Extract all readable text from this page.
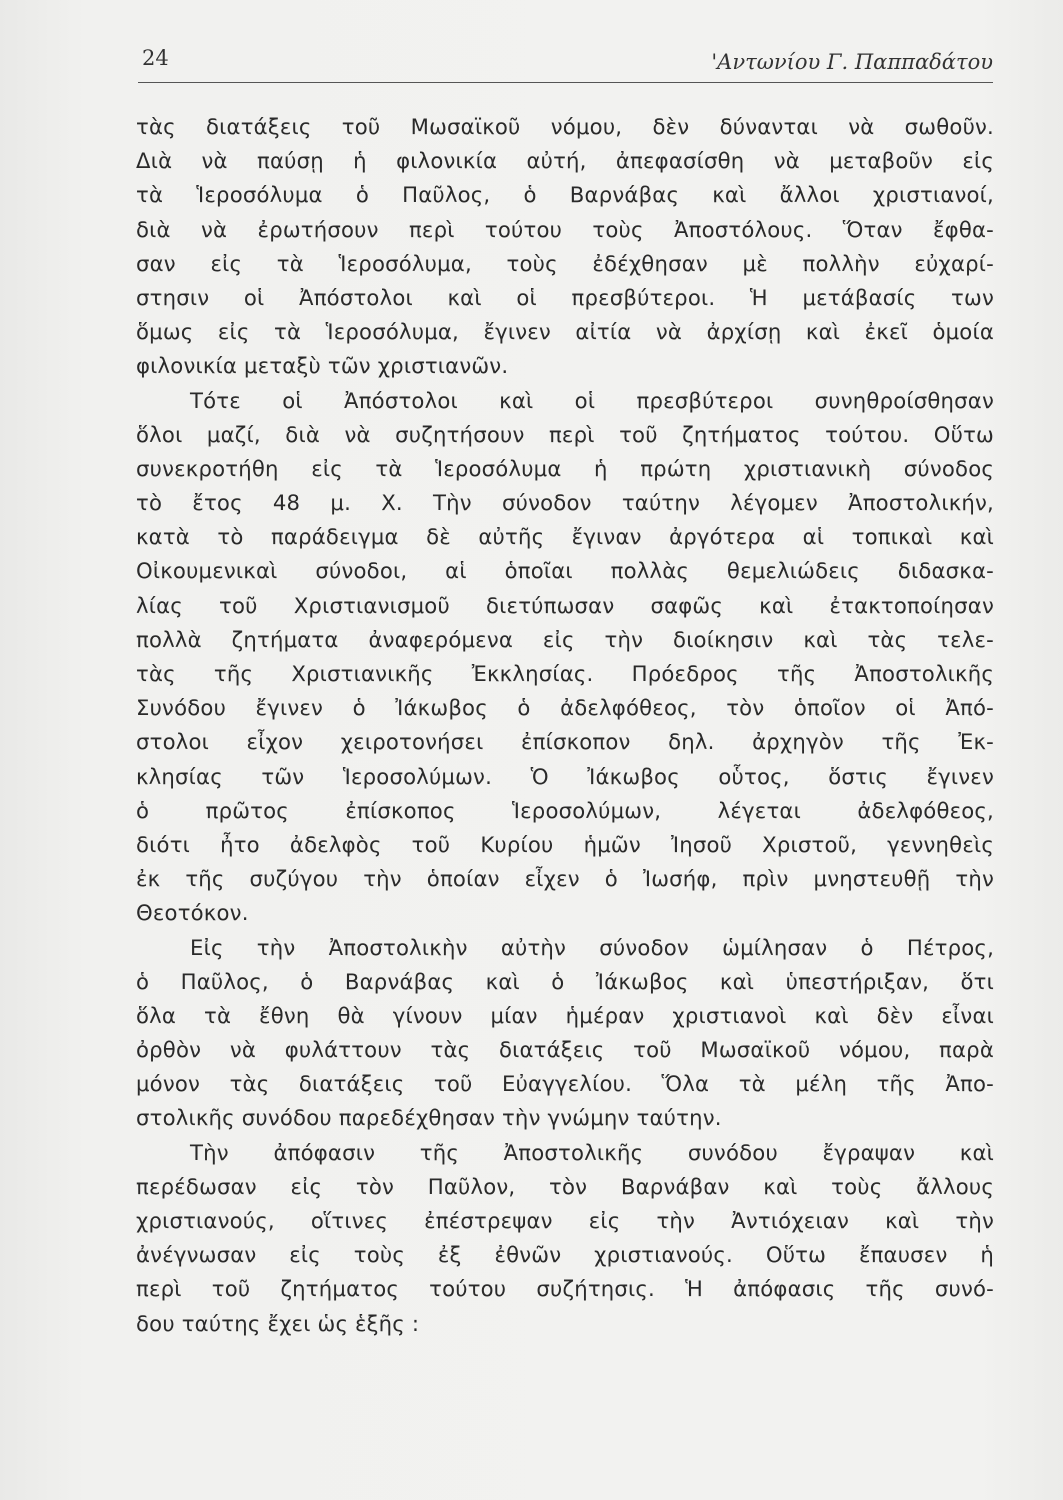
24	'Αντωνίου Γ. Παππαδάτου
τὰς διατάξεις τοῦ Μωσαϊκοῦ νόμου, δὲν δύνανται νὰ σωθοῦν.
Διὰ νὰ παύσῃ ἡ φιλονικία αὐτή, ἀπεφασίσθη νὰ μεταβοῦν εἰς
τὰ Ἱεροσόλυμα ὁ Παῦλος, ὁ Βαρνάβας καὶ ἄλλοι χριστιανοί,
διὰ νὰ ἐρωτήσουν περὶ τούτου τοὺς Ἀποστόλους. Ὅταν ἔφθα-
σαν εἰς τὰ Ἱεροσόλυμα, τοὺς ἐδέχθησαν μὲ πολλὴν εὐχαρί-
στησιν οἱ Ἀπόστολοι καὶ οἱ πρεσβύτεροι. Ἡ μετάβασίς των
ὅμως εἰς τὰ Ἱεροσόλυμα, ἔγινεν αἰτία νὰ ἀρχίσῃ καὶ ἐκεῖ ὁμοία
φιλονικία μεταξὺ τῶν χριστιανῶν.
Τότε οἱ Ἀπόστολοι καὶ οἱ πρεσβύτεροι συνηθροίσθησαν
ὅλοι μαζί, διὰ νὰ συζητήσουν περὶ τοῦ ζητήματος τούτου. Οὕτω
συνεκροτήθη εἰς τὰ Ἱεροσόλυμα ἡ πρώτη χριστιανικὴ σύνοδος
τὸ ἔτος 48 μ. Χ. Τὴν σύνοδον ταύτην λέγομεν Ἀποστολικήν,
κατὰ τὸ παράδειγμα δὲ αὐτῆς ἔγιναν ἀργότερα αἱ τοπικαὶ καὶ
Οἰκουμενικαὶ σύνοδοι, αἱ ὁποῖαι πολλὰς θεμελιώδεις διδασκα-
λίας τοῦ Χριστιανισμοῦ διετύπωσαν σαφῶς καὶ ἐτακτοποίησαν
πολλὰ ζητήματα ἀναφερόμενα εἰς τὴν διοίκησιν καὶ τὰς τελε-
τὰς τῆς Χριστιανικῆς Ἐκκλησίας. Πρόεδρος τῆς Ἀποστολικῆς
Συνόδου ἔγινεν ὁ Ἰάκωβος ὁ ἀδελφόθεος, τὸν ὁποῖον οἱ Ἀπό-
στολοι εἶχον χειροτονήσει ἐπίσκοπον δηλ. ἀρχηγὸν τῆς Ἐκ-
κλησίας τῶν Ἱεροσολύμων. Ὁ Ἰάκωβος οὗτος, ὅστις ἔγινεν
ὁ πρῶτος ἐπίσκοπος Ἱεροσολύμων, λέγεται ἀδελφόθεος,
διότι ἦτο ἀδελφὸς τοῦ Κυρίου ἡμῶν Ἰησοῦ Χριστοῦ, γεννηθεὶς
ἐκ τῆς συζύγου τὴν ὁποίαν εἶχεν ὁ Ἰωσήφ, πρὶν μνηστευθῇ τὴν
Θεοτόκον.
Εἰς τὴν Ἀποστολικὴν αὐτὴν σύνοδον ὡμίλησαν ὁ Πέτρος,
ὁ Παῦλος, ὁ Βαρνάβας καὶ ὁ Ἰάκωβος καὶ ὑπεστήριξαν, ὅτι
ὅλα τὰ ἔθνη θὰ γίνουν μίαν ἡμέραν χριστιανοὶ καὶ δὲν εἶναι
ὀρθὸν νὰ φυλάττουν τὰς διατάξεις τοῦ Μωσαϊκοῦ νόμου, παρὰ
μόνον τὰς διατάξεις τοῦ Εὐαγγελίου. Ὅλα τὰ μέλη τῆς Ἀπο-
στολικῆς συνόδου παρεδέχθησαν τὴν γνώμην ταύτην.
Τὴν ἀπόφασιν τῆς Ἀποστολικῆς συνόδου ἔγραψαν καὶ
περέδωσαν εἰς τὸν Παῦλον, τὸν Βαρνάβαν καὶ τοὺς ἄλλους
χριστιανούς, οἵτινες ἐπέστρεψαν εἰς τὴν Ἀντιόχειαν καὶ τὴν
ἀνέγνωσαν εἰς τοὺς ἐξ ἐθνῶν χριστιανούς. Οὕτω ἔπαυσεν ἡ
περὶ τοῦ ζητήματος τούτου συζήτησις. Ἡ ἀπόφασις τῆς συνό-
δου ταύτης ἔχει ὡς ἑξῆς :
